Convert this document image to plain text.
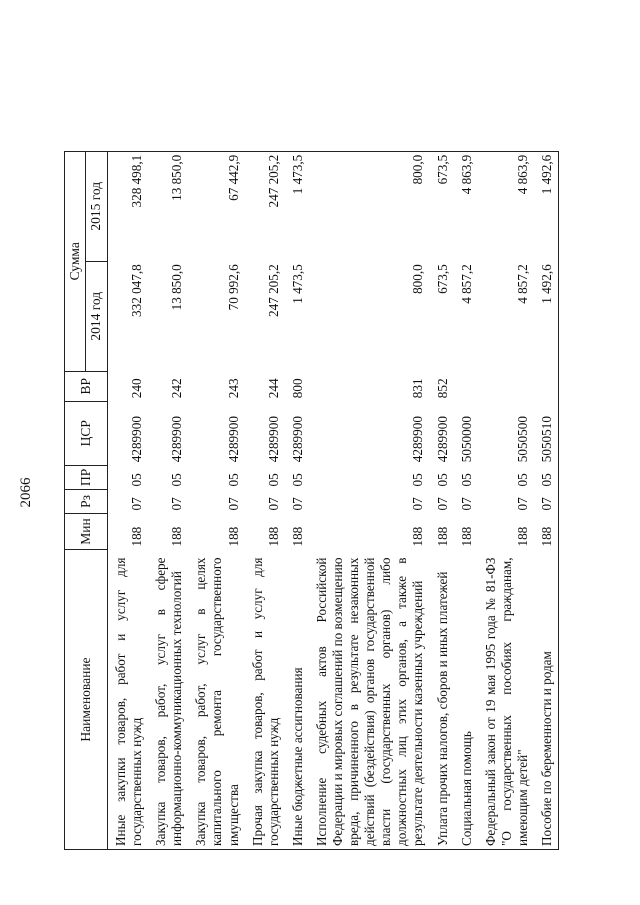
2066
Наименование	Мин	Рз	ПР	ЦСР	ВР	Сумма	
						2014 год	2015 год
Иные закупки товаров, работ и услуг для государственных нужд	188	07	05	4289900	240	332 047,8	328 498,1
Закупка товаров, работ, услуг в сфере информационно-коммуникационных технологий	188	07	05	4289900	242	13 850,0	13 850,0
Закупка товаров, работ, услуг в целях капитального ремонта государственного имущества	188	07	05	4289900	243	70 992,6	67 442,9
Прочая закупка товаров, работ и услуг для государственных нужд	188	07	05	4289900	244	247 205,2	247 205,2
Иные бюджетные ассигнования	188	07	05	4289900	800	1 473,5	1 473,5
Исполнение судебных актов Российской Федерации и мировых соглашений по возмещению вреда, причиненного в результате незаконных действий (бездействия) органов государственной власти (государственных органов) либо должностных лиц этих органов, а также в результате деятельности казенных учреждений	188	07	05	4289900	831	800,0	800,0
Уплата прочих налогов, сборов и иных платежей	188	07	05	4289900	852	673,5	673,5
Социальная помощь	188	07	05	5050000		4 857,2	4 863,9
Федеральный закон от 19 мая 1995 года № 81-ФЗ "О государственных пособиях гражданам, имеющим детей"	188	07	05	5050500		4 857,2	4 863,9
Пособие по беременности и родам	188	07	05	5050510		1 492,6	1 492,6
